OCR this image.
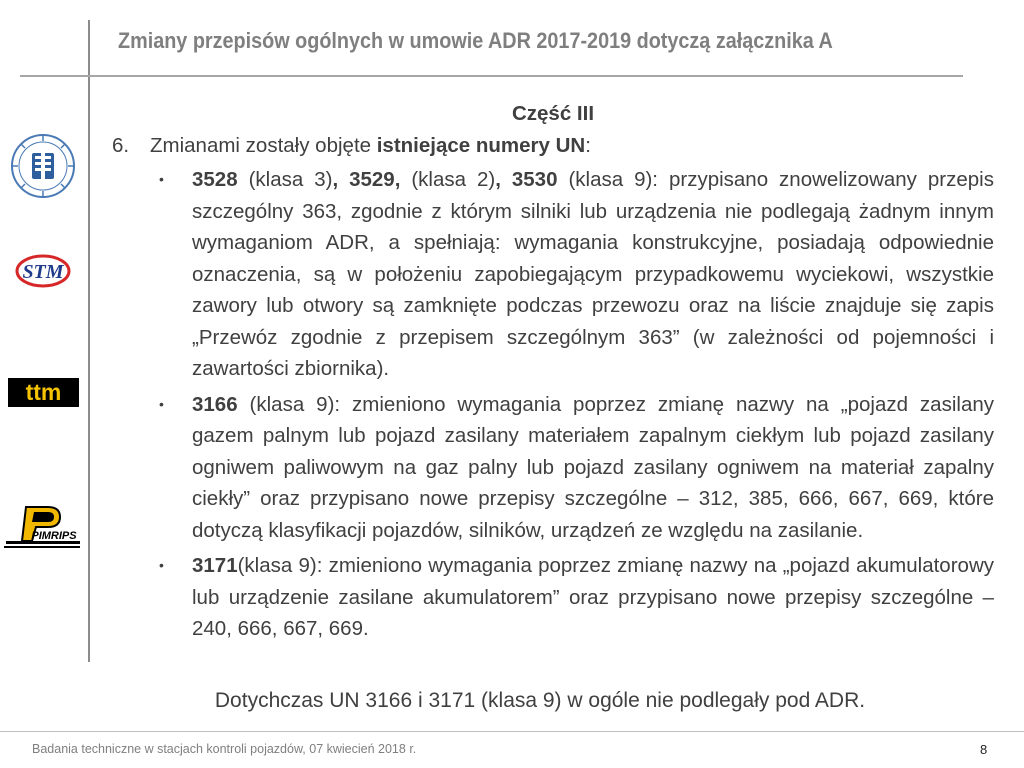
Zmiany przepisów ogólnych w umowie ADR 2017-2019 dotyczą załącznika A
STM
ttm
PIMRIPS
Część III
6.	Zmianami zostały objęte istniejące numery UN:
• 3528 (klasa 3), 3529, (klasa 2), 3530 (klasa 9): przypisano znowelizowany przepis szczególny 363, zgodnie z którym silniki lub urządzenia nie podlegają żadnym innym wymaganiom ADR, a spełniają: wymagania konstrukcyjne, posiadają odpowiednie oznaczenia, są w położeniu zapobiegającym przypadkowemu wyciekowi, wszystkie zawory lub otwory są zamknięte podczas przewozu oraz na liście znajduje się zapis „Przewóz zgodnie z przepisem szczególnym 363” (w zależności od pojemności i zawartości zbiornika).
• 3166 (klasa 9): zmieniono wymagania poprzez zmianę nazwy na „pojazd zasilany gazem palnym lub pojazd zasilany materiałem zapalnym ciekłym lub pojazd zasilany ogniwem paliwowym na gaz palny lub pojazd zasilany ogniwem na materiał zapalny ciekły” oraz przypisano nowe przepisy szczególne – 312, 385, 666, 667, 669, które dotyczą klasyfikacji pojazdów, silników, urządzeń ze względu na zasilanie.
• 3171(klasa 9): zmieniono wymagania poprzez zmianę nazwy na „pojazd akumulatorowy lub urządzenie zasilane akumulatorem” oraz przypisano nowe przepisy szczególne – 240, 666, 667, 669.
Dotychczas UN 3166 i 3171 (klasa 9) w ogóle nie podlegały pod ADR.
Badania techniczne w stacjach kontroli pojazdów, 07 kwiecień 2018 r.	8
